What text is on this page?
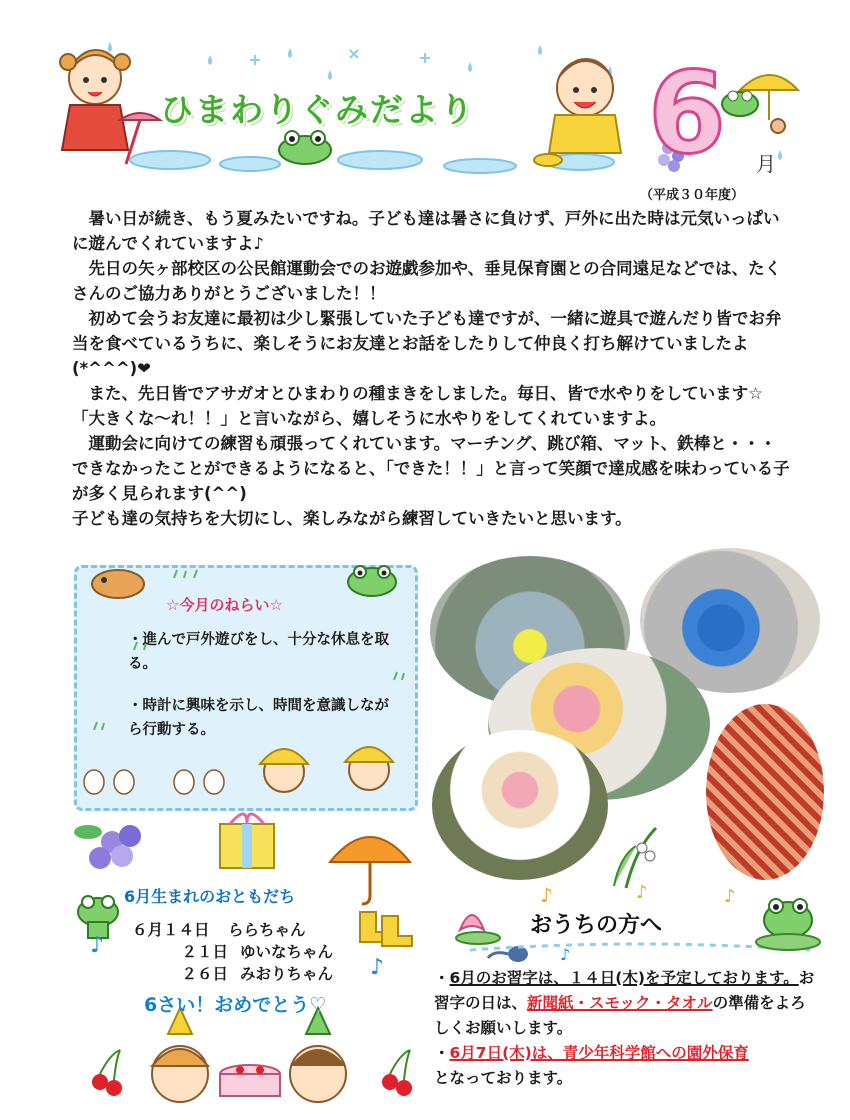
ひまわりぐみだより 6 月
（平成３０年度）

暑い日が続き、もう夏みたいですね。子ども達は暑さに負けず、戸外に出た時は元気いっぱいに遊んでくれていますよ♪

先日の矢ヶ部校区の公民館運動会でのお遊戯参加や、垂見保育園との合同遠足などでは、たくさんのご協力ありがとうございました！！

初めて会うお友達に最初は少し緊張していた子ども達ですが、一緒に遊具で遊んだり皆でお弁当を食べているうちに、楽しそうにお友達とお話をしたりして仲良く打ち解けていましたよ(*^^^)❤

また、先日皆でアサガオとひまわりの種まきをしました。毎日、皆で水やりをしています☆「大きくな～れ！！」と言いながら、嬉しそうに水やりをしてくれていますよ。

運動会に向けての練習も頑張ってくれています。マーチング、跳び箱、マット、鉄棒と・・・できなかったことができるようになると、「できた！！」と言って笑顔で達成感を味わっている子が多く見られます(^^)

子ども達の気持ちを大切にし、楽しみながら練習していきたいと思います。

☆今月のねらい☆
・進んで戸外遊びをし、十分な休息を取る。
・時計に興味を示し、時間を意識しながら行動する。
♪
♪
6月生まれのおともだち
６月１４日 ららちゃん
２１日 ゆいなちゃん
２６日 みおりちゃん
6さい！おめでとう♡
♪	♪	♪
♪
おうちの方へ

・6月のお習字は、１４日(木)を予定しております。お習字の日は、新聞紙・スモック・タオルの準備をよろしくお願いします。

・6月7日(木)は、青少年科学館への園外保育
となっております。
